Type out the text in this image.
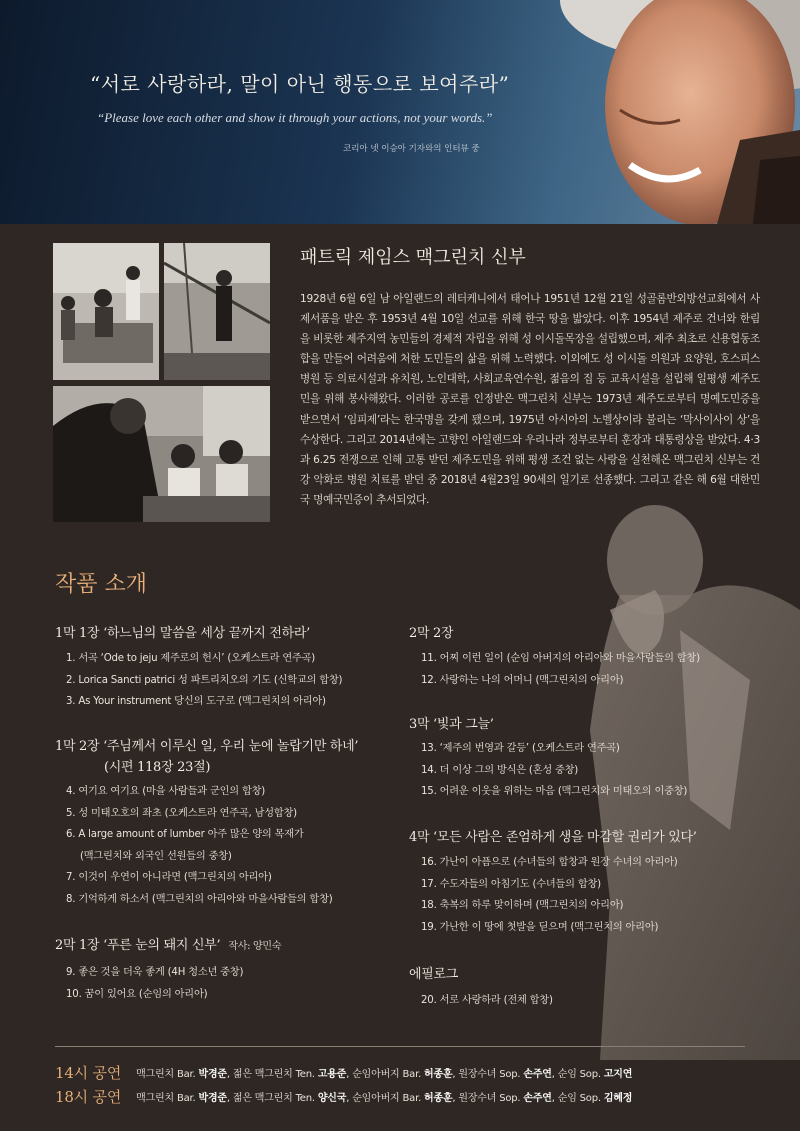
“서로 사랑하라, 말이 아닌 행동으로 보여주라”
“Please love each other and show it through your actions, not your words.”
코리아 넷 이승아 기자와의 인터뷰 중
패트릭 제임스 맥그린치 신부
1928년 6월 6일 남 아일랜드의 레터케니에서 태어나 1951년 12월 21일 성골롬반외방선교회에서 사제서품을 받은 후 1953년 4월 10일 선교를 위해 한국 땅을 밟았다. 이후 1954년 제주로 건너와 한림을 비롯한 제주지역 농민들의 경제적 자립을 위해 성 이시돌목장을 설립했으며, 제주 최초로 신용협동조합을 만들어 어려움에 처한 도민들의 삶을 위해 노력했다. 이외에도 성 이시돌 의원과 요양원, 호스피스 병원 등 의료시설과 유치원, 노인대학, 사회교육연수원, 젊음의 집 등 교육시설을 설립해 일평생 제주도민을 위해 봉사해왔다. 이러한 공로를 인정받은 맥그린치 신부는 1973년 제주도로부터 명예도민증을 받으면서 ‘임피제’라는 한국명을 갖게 됐으며, 1975년 아시아의 노벨상이라 불리는 ‘막사이사이 상’을 수상한다. 그리고 2014년에는 고향인 아일랜드와 우리나라 정부로부터 훈장과 대통령상을 받았다. 4·3과 6.25 전쟁으로 인해 고통 받던 제주도민을 위해 평생 조건 없는 사랑을 실천해온 맥그린치 신부는 건강 악화로 병원 치료를 받던 중 2018년 4월23일 90세의 일기로 선종했다. 그리고 같은 해 6월 대한민국 명예국민증이 추서되었다.
작품 소개
1막 1장 ‘하느님의 말씀을 세상 끝까지 전하라’
1. 서곡 ‘Ode to jeju 제주로의 헌시’ (오케스트라 연주곡)
2. Lorica Sancti patrici 성 파트리치오의 기도 (신학교의 합창)
3. As Your instrument 당신의 도구로 (맥그린치의 아리아)
1막 2장 ‘주님께서 이루신 일, 우리 눈에 놀랍기만 하네’
(시편 118장 23절)
4. 여기요 여기요 (마을 사람들과 군인의 합창)
5. 성 미태오호의 좌초 (오케스트라 연주곡, 남성합창)
6. A large amount of lumber 아주 많은 양의 목재가
(맥그린치와 외국인 선원들의 중창)
7. 이것이 우연이 아니라면 (맥그린치의 아리아)
8. 기억하게 하소서 (맥그린치의 아리아와 마을사람들의 합창)
2막 1장 ‘푸른 눈의 돼지 신부’ 작사: 양민숙
9. 좋은 것을 더욱 좋게 (4H 청소년 중창)
10. 꿈이 있어요 (순임의 아리아)
2막 2장
11. 어찌 이런 일이 (순임 아버지의 아리아와 마을사람들의 합창)
12. 사랑하는 나의 어머니 (맥그린치의 아리아)
3막 ‘빛과 그늘’
13. ‘제주의 번영과 갈등’ (오케스트라 연주곡)
14. 더 이상 그의 방식은 (혼성 중창)
15. 어려운 이웃을 위하는 마음 (맥그린치와 미태오의 이중창)
4막 ‘모든 사람은 존엄하게 생을 마감할 권리가 있다’
16. 가난이 아픔으로 (수녀들의 합창과 원장 수녀의 아리아)
17. 수도자들의 아침기도 (수녀들의 합창)
18. 축복의 하루 맞이하며 (맥그린치의 아리아)
19. 가난한 이 땅에 첫발을 딛으며 (맥그린치의 아리아)
에필로그
20. 서로 사랑하라 (전체 합창)
14시 공연 맥그린치 Bar. 박경준, 젊은 맥그린치 Ten. 고용준, 순임아버지 Bar. 허종훈, 원장수녀 Sop. 손주연, 순임 Sop. 고지연
18시 공연 맥그린치 Bar. 박경준, 젊은 맥그린치 Ten. 양신국, 순임아버지 Bar. 허종훈, 원장수녀 Sop. 손주연, 순임 Sop. 김혜정
